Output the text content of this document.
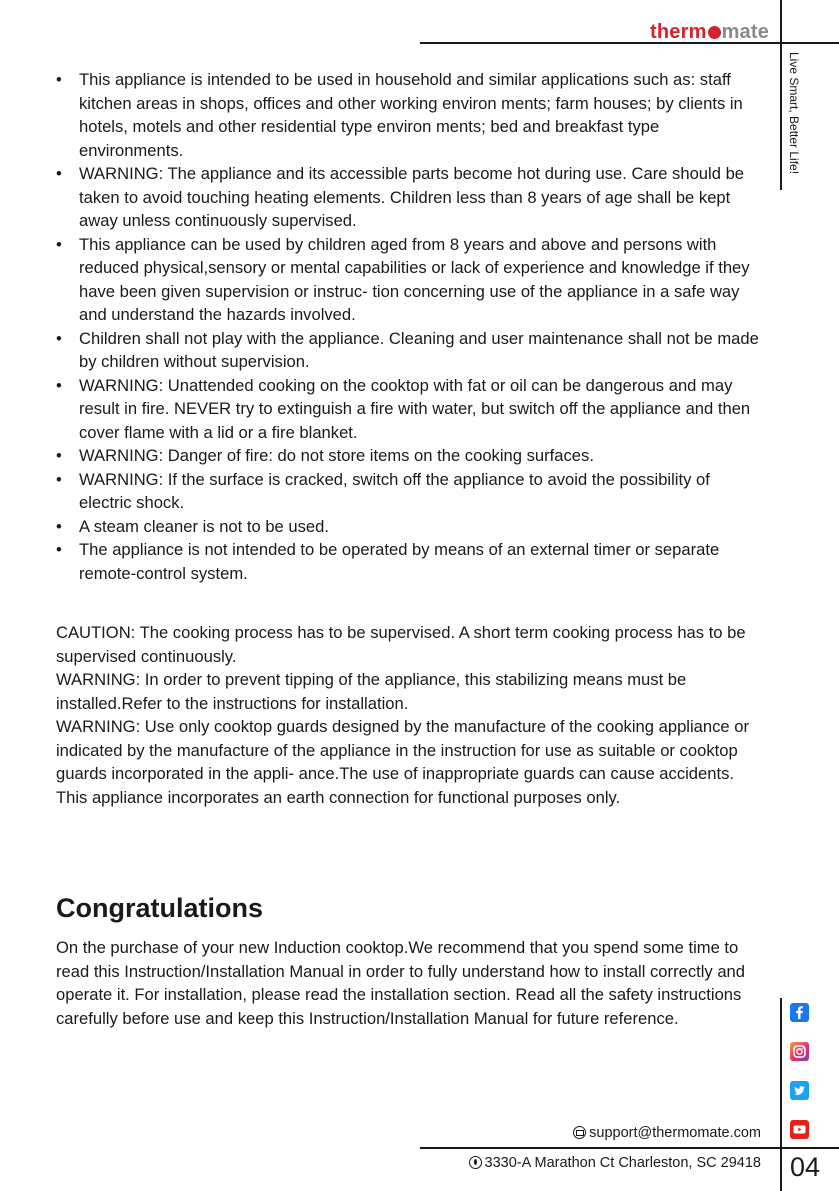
therm mate
Live Smart, Better Life!
• This appliance is intended to be used in household and similar applications such as: staff kitchen areas in shops, offices and other working environ ments; farm houses; by clients in hotels, motels and other residential type environ ments; bed and breakfast type environments.
• WARNING: The appliance and its accessible parts become hot during use. Care should be taken to avoid touching heating elements. Children less than 8 years of age shall be kept away unless continuously supervised.
• This appliance can be used by children aged from 8 years and above and persons with reduced physical,sensory or mental capabilities or lack of experience and knowledge if they have been given supervision or instruc- tion concerning use of the appliance in a safe way and understand the hazards involved.
• Children shall not play with the appliance. Cleaning and user maintenance shall not be made by children without supervision.
• WARNING: Unattended cooking on the cooktop with fat or oil can be dangerous and may result in fire. NEVER try to extinguish a fire with water, but switch off the appliance and then cover flame with a lid or a fire blanket.
• WARNING: Danger of fire: do not store items on the cooking surfaces.
• WARNING: If the surface is cracked, switch off the appliance to avoid the possibility of electric shock.
• A steam cleaner is not to be used.
• The appliance is not intended to be operated by means of an external timer or separate remote-control system.

CAUTION: The cooking process has to be supervised. A short term cooking process has to be supervised continuously.

WARNING: In order to prevent tipping of the appliance, this stabilizing means must be installed.Refer to the instructions for installation.

WARNING: Use only cooktop guards designed by the manufacture of the cooking appliance or indicated by the manufacture of the appliance in the instruction for use as suitable or cooktop guards incorporated in the appli- ance.The use of inappropriate guards can cause accidents. This appliance incorporates an earth connection for functional purposes only.

Congratulations

On the purchase of your new Induction cooktop.We recommend that you spend some time to read this Instruction/Installation Manual in order to fully understand how to install correctly and operate it. For installation, please read the installation section. Read all the safety instructions carefully before use and keep this Instruction/Installation Manual for future reference.

support@thermomate.com
3330-A Marathon Ct Charleston, SC 29418 04
